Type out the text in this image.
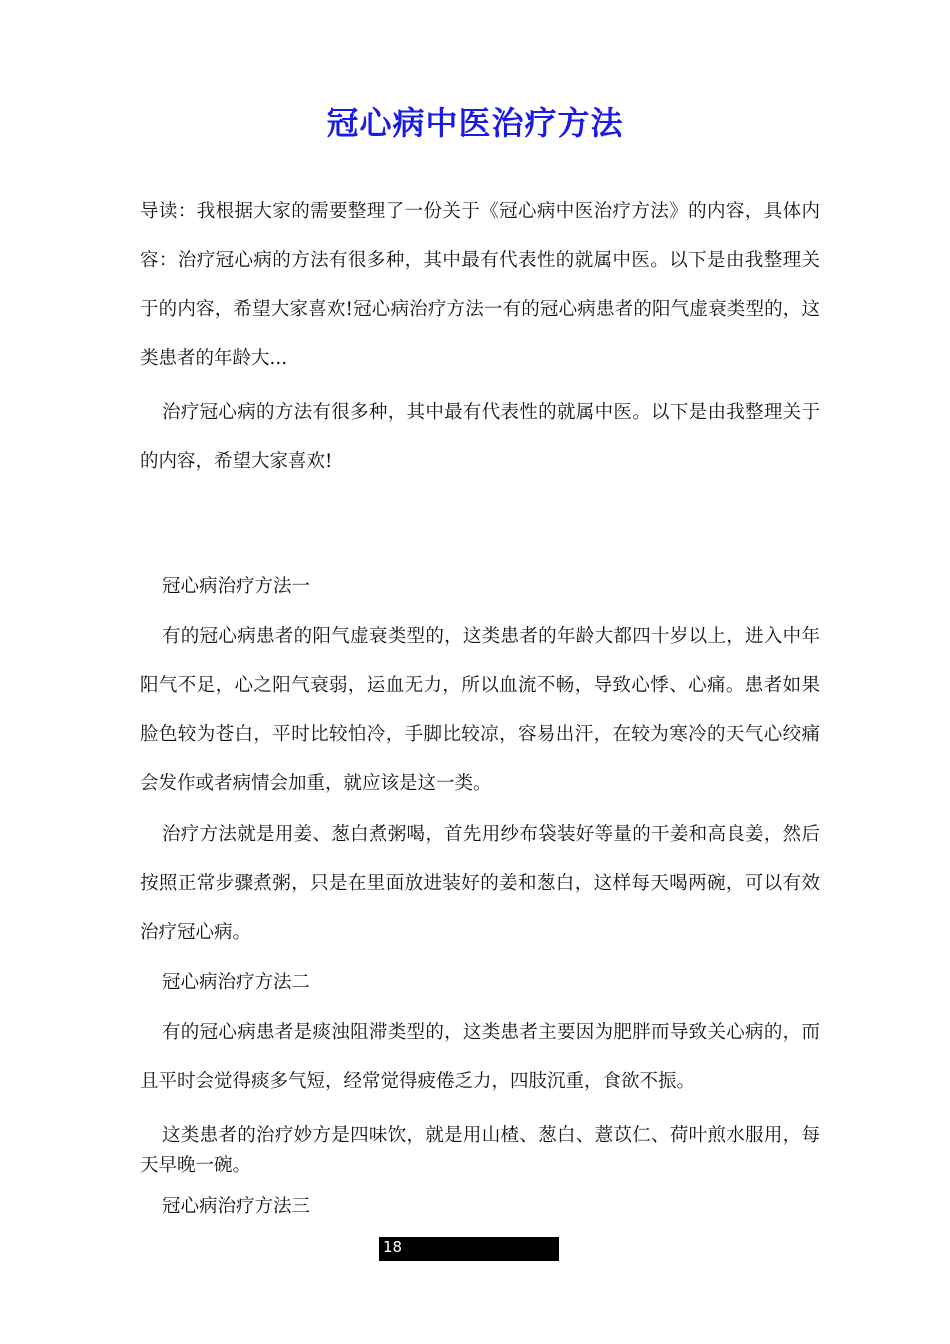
冠心病中医治疗方法

导读：我根据大家的需要整理了一份关于《冠心病中医治疗方法》的内容，具体内容：治疗冠心病的方法有很多种，其中最有代表性的就属中医。以下是由我整理关于的内容，希望大家喜欢!冠心病治疗方法一有的冠心病患者的阳气虚衰类型的，这类患者的年龄大...

治疗冠心病的方法有很多种，其中最有代表性的就属中医。以下是由我整理关于的内容，希望大家喜欢!

冠心病治疗方法一

有的冠心病患者的阳气虚衰类型的，这类患者的年龄大都四十岁以上，进入中年阳气不足，心之阳气衰弱，运血无力，所以血流不畅，导致心悸、心痛。患者如果脸色较为苍白，平时比较怕冷，手脚比较凉，容易出汗，在较为寒冷的天气心绞痛会发作或者病情会加重，就应该是这一类。

治疗方法就是用姜、葱白煮粥喝，首先用纱布袋装好等量的干姜和高良姜，然后按照正常步骤煮粥，只是在里面放进装好的姜和葱白，这样每天喝两碗，可以有效治疗冠心病。

冠心病治疗方法二

有的冠心病患者是痰浊阻滞类型的，这类患者主要因为肥胖而导致关心病的，而且平时会觉得痰多气短，经常觉得疲倦乏力，四肢沉重，食欲不振。

这类患者的治疗妙方是四味饮，就是用山楂、葱白、薏苡仁、荷叶煎水服用，每天早晚一碗。

冠心病治疗方法三

18
